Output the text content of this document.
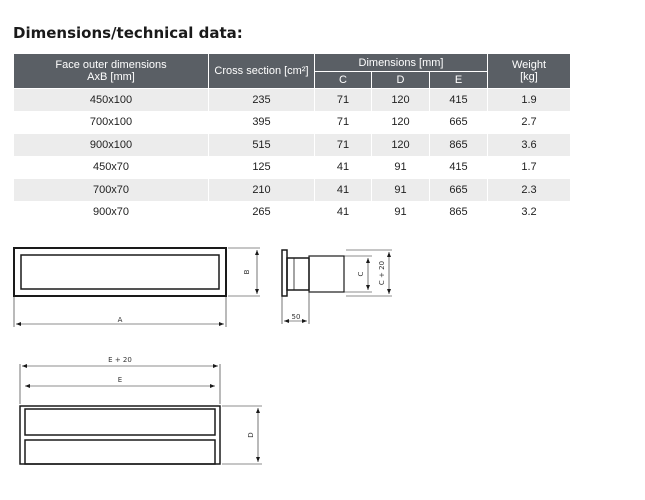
Dimensions/technical data:
Face outer dimensions AxB [mm]	Cross section [cm²]	Dimensions [mm]			Weight [kg]
		C	D	E	
450x100	235	71	120	415	1.9
700x100	395	71	120	665	2.7
900x100	515	71	120	865	3.6
450x70	125	41	91	415	1.7
700x70	210	41	91	665	2.3
900x70	265	41	91	865	3.2
A
B	C C + 20
50
E + 20
E
D
